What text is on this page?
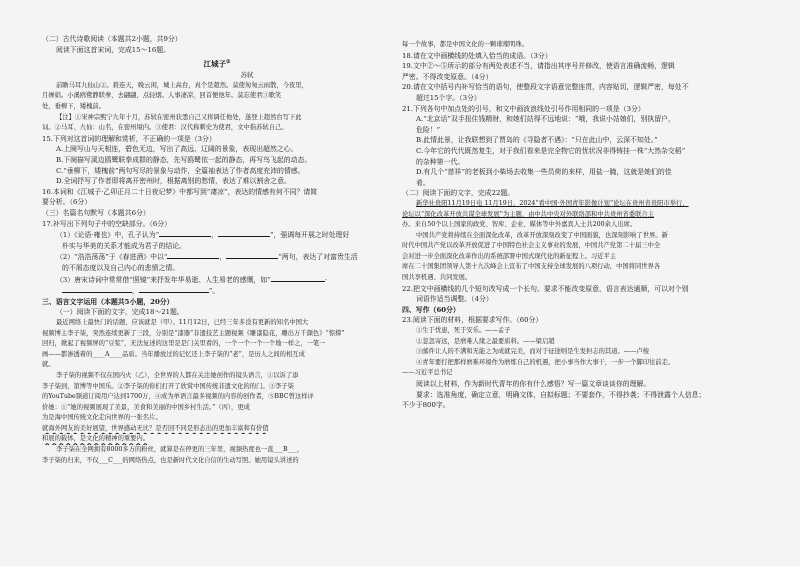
（二）古代诗歌阅读（本题共2小题，共9分）
阅读下面这首宋词，完成15～16题。
江城子①
苏轼
前瞻马耳九仙山②。碧连天，晚云闲，城上高台，真个是超然。莫使匆匆云雨散，今夜里，
月婵娟。小溪鸥鹭静联拳，去翩翩，点轻烟。人事凄凉，回首便他年。莫忘使君③歌笑
处，垂柳下，矮槐前。
【注】①宋神宗熙宁九年十月，苏轼在密州获悉自己又将调任他处，遂登上超然台写下此
词。②马耳、九仙：山名，在密州境内。③使君：汉代称刺史为使君，文中指苏轼自己。
15.下列对这首词的理解和赏析，不正确的一项是（3分）
A.上阕写山与天相连，碧色无边，写出了高远、辽阔的景象，表现出超然之心。
B.下阕描写溪边鸥鹭联拳成群的静态，先写鸥鹭依一起的静态，再写鸟飞起的动态。
C.“垂柳下，矮槐前”两句写尽的景象与动作，全篇袖表达了作者高度充沛的情感。
D.全词抒写了作者即将离开密州时，根据离别的愁情，表达了难以割舍之意。
16.本词和《江城子·乙卯正月二十日夜记梦》中都写到“凄凉”，表达的情感有何不同？请简
要分析。（6分）
（三）名篇名句默写（本题共6分）
17.补写出下列句子中的空缺部分。（6分）
（1）《论语·雍也》中，孔子认为“	，	”，强调每开展之时处理好
朴实与华美的关系才能成为君子的结论。
（2）“浩浩荡荡”于《春进酒》中以“	，	”两句，表达了对富贵生活
的不屑态度以及自己内心的悲愤之情。
（3）唐宋诗词中常常借“照镜”来抒发年华易逝、人生易老的感慨，如“	-
，	”。
三、语言文字运用（本题共5小题，20分）
（一）阅读下面的文字，完成18～21题。
最近网络上最快门的话题，应该就是（甲）。11月12日，已经三年多没有更新的知名中国大
视频博主李子柒，突然连续更新了三段，分别是“漆器”非遗技艺主题视频《雕漆隐花，雕出万千颜色》“惊撑”
回归，掀起了视频屏的“豆浆”，无法复述的这里是是门关里看的，一个一个一个一个地一样之，一笔一
画——都渗透着的____A____品质。当年播放过的记忆还上李子柒的“老”，是历人之间的相互成
就。
李子柒的视频不仅在国内火（乙），全世界的人都在关注她创作的镜头语言，①以诉了添
李子柒到，第博等中国乐。②李子柒的你们打开了欣赏中国传统非遗文化的的门。③李子柒
的YouTube频道订阅用户达到1700万，④成为单语言最多视频的内容的创作者，⑤BBC曾这样评
价她：①“她的视频展现了美景，美食和美丽的中国乡村生活。”（丙），更成
为是海中国传统文化走向世界的一张名片。
就海外网友的美好展望，世界感动无比？是否回不同是形态出的更加丰富和有价值
和展的载体，是文化的精神的重要内。
李子柒在全网拥有8000多万的粉丝，就算是在停更的三年里，视频热度也一直___B___，
李子柒的归来，不仅___C___的网络热点，也是新时代文化自信的生动写照。她用镜头讲述的
每一个故事，都是中国文化的一颗璀璨明珠。
18.请在文中画横线的处填入恰当的成语。（3分）
19.文中②～⑤所示的部分有两处表述不当，请指出其序号并修改，使语言准确流畅，逻辑
严密。不得改变原意。（4分）
20.请在文中括号内补写恰当的语句，使整段文字语意完整连贯，内容贴切，逻辑严密，每处不
超过15个字。（3分）
21.下列各句中加点处的引号，和文中画波浪线处引号作用相同的一项是（3分）
A.“北京话”双手扭住钱精财，和她们站得不远地说：“哦，我说小站娘们，别执留户，
危险！”
B.此情此景，让我联想到了贾岛的《寻隐者不遇》：“只在此山中，云深不知处。”
C.今年它的代代既然复生，对于我们看来是完全物它的忧状况非得铸挂一株“大然杂交稻”
的杂种第一代。
D.有几个“慈祥”的老板到小柴场去收集一些员荷的来样，用盐一腌，这就是她们的佳
肴。
（二）阅读下面的文字，完成22题。
新华社贵阳11月19日电 11月19日，2024“看中国·外国青年影像计划”论坛在贵州省贵阳市举行，
论坛以“深化改革开放共谋全球发展”为主题，由中共中央对外联络部和中共贵州省委联合主
办。来自50个以上国家的政党、智库、企业、媒体等中外嘉宾人士共200余人出席。
中国共产党将持续在全面深化改革，改革开放深刻改变了中国面貌，也深刻影响了世界。新
时代中国共产党以改革开放促进了中国特色社会主义事业的发展，中国共产党第二十届三中全
会对进一步全面深化改革作出的系统部署中国式现代化的新征程上。习近平主
席在二十国集团领导人第十九次峰会上宣布了中国支持全球发展的八项行动，中国将同世界各
国共享机遇、共同发展。
22.把文中画横线的几个短句改写成一个长句。要求不能改变原意，语言表达通顺，可以对个别
词语作适当调整。（4分）
四、写作（60分）
23.阅读下面的材料，根据要求写作。（60分）
①生于忧患，死于安乐。——孟子
②忽忽寄远，是磨难人缘之最要质料。——梁启超
③邮件让人的不满和无能之为成就完美，而对于征途则是生发担志的其道。——卢梭
④青年要打把那样磨难环境作为磨炼自己的机遇，把小事当作大事干，一步一个脚印往前走。
——习近平总书记
阅读以上材料，作为新时代青年的你有什么感悟？写一篇文章谈谈你的理解。
要求：选准角度，确定立意，明确文体，自拟标题；不要套作，不得抄袭；不得泄露个人信息；
不少于800字。
